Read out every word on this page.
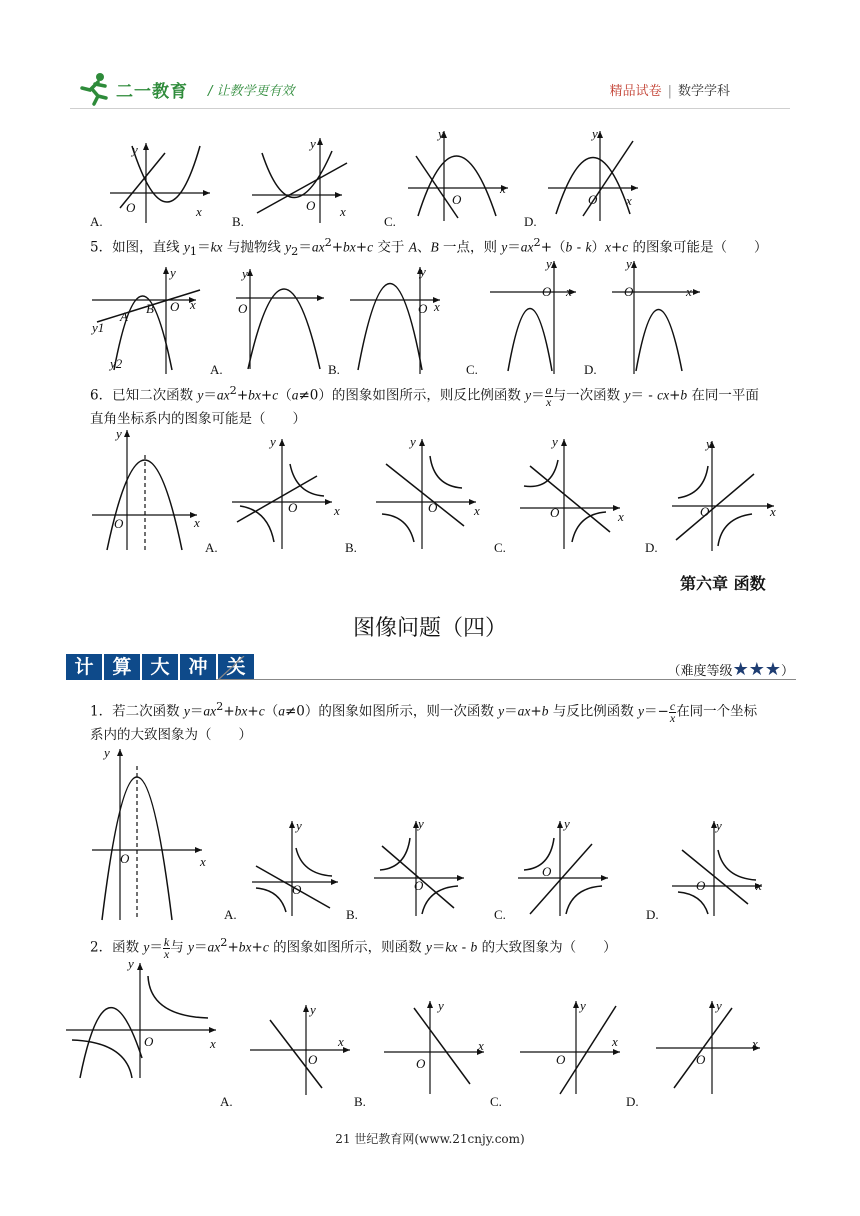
二一教育 / 让教学更有效	精品试卷 | 数学学科
y
O	x
A.
y
O x
B.
y
O
x
C.
y
O x
D.
5．如图，直线 $y_1=kx$ 与抛物线 $y_2=ax^2+bx+c$ 交于 A、B 一点，则 $y=ax^2+(b - k)x+c$ 的图象可能是（　　）
y
O x
A
B
y1
y2
y
O
A.
y
O x
B.
y
O x
C.
y
O	x
D.
6．已知二次函数 $y=ax^2+bx+c(a\ne 0)$的图象如图所示，则反比例函数 $y= \frac{a}{x}$ 与一次函数 y＝ - cx+b 在同一平面
直角坐标系内的图象可能是（　　）
y
O	x
y
O	x
A.
y
O	x
B.
y
O	x
C.
y
O	x
D.
第六章 函数
图像问题（四）
计 算 大 冲 关	（难度等级★★★）
1．若二次函数 $y=ax^2+bx+c(a\ne 0)$的图象如图所示，则一次函数 y＝ax+b 与反比例函数 $y=- \frac{c}{x}$ 在同一个坐标
系内的大致图象为（　　）
y
O	x
y
O
A.
y
O
B.
y
O
C.
y
O	x
D.
2．函数 $y= \frac{k}{x}$ 与 $y=ax^2+bx+c$ 的图象如图所示，则函数 y＝kx - b 的大致图象为（　　）
y
O	x
y
O
x
A.
y
O
x
B.
y
O
x
C.
y
O
x
D.
21 世纪教育网(www.21cnjy.com)
